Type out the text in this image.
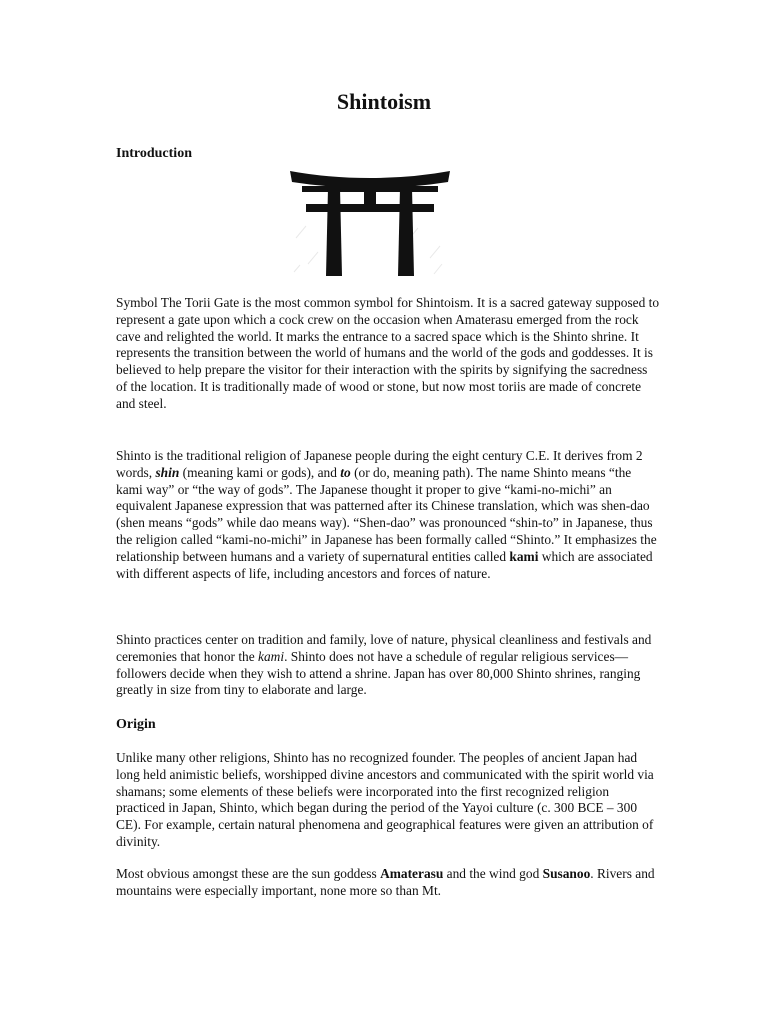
Shintoism
Introduction

Symbol The Torii Gate is the most common symbol for Shintoism. It is a sacred gateway supposed to represent a gate upon which a cock crew on the occasion when Amaterasu emerged from the rock cave and relighted the world. It marks the entrance to a sacred space which is the Shinto shrine. It represents the transition between the world of humans and the world of the gods and goddesses. It is believed to help prepare the visitor for their interaction with the spirits by signifying the sacredness of the location. It is traditionally made of wood or stone, but now most toriis are made of concrete and steel.

Shinto is the traditional religion of Japanese people during the eight century C.E. It derives from 2 words, shin (meaning kami or gods), and to (or do, meaning path). The name Shinto means “the kami way” or “the way of gods”. The Japanese thought it proper to give “kami-no-michi” an equivalent Japanese expression that was patterned after its Chinese translation, which was shen-dao (shen means “gods” while dao means way). “Shen-dao” was pronounced “shin-to” in Japanese, thus the religion called “kami-no-michi” in Japanese has been formally called “Shinto.” It emphasizes the relationship between humans and a variety of supernatural entities called kami which are associated with different aspects of life, including ancestors and forces of nature.

Shinto practices center on tradition and family, love of nature, physical cleanliness and festivals and ceremonies that honor the kami. Shinto does not have a schedule of regular religious services—followers decide when they wish to attend a shrine. Japan has over 80,000 Shinto shrines, ranging greatly in size from tiny to elaborate and large.

Origin

Unlike many other religions, Shinto has no recognized founder. The peoples of ancient Japan had long held animistic beliefs, worshipped divine ancestors and communicated with the spirit world via shamans; some elements of these beliefs were incorporated into the first recognized religion practiced in Japan, Shinto, which began during the period of the Yayoi culture (c. 300 BCE – 300 CE). For example, certain natural phenomena and geographical features were given an attribution of divinity.

Most obvious amongst these are the sun goddess Amaterasu and the wind god Susanoo. Rivers and mountains were especially important, none more so than Mt.
